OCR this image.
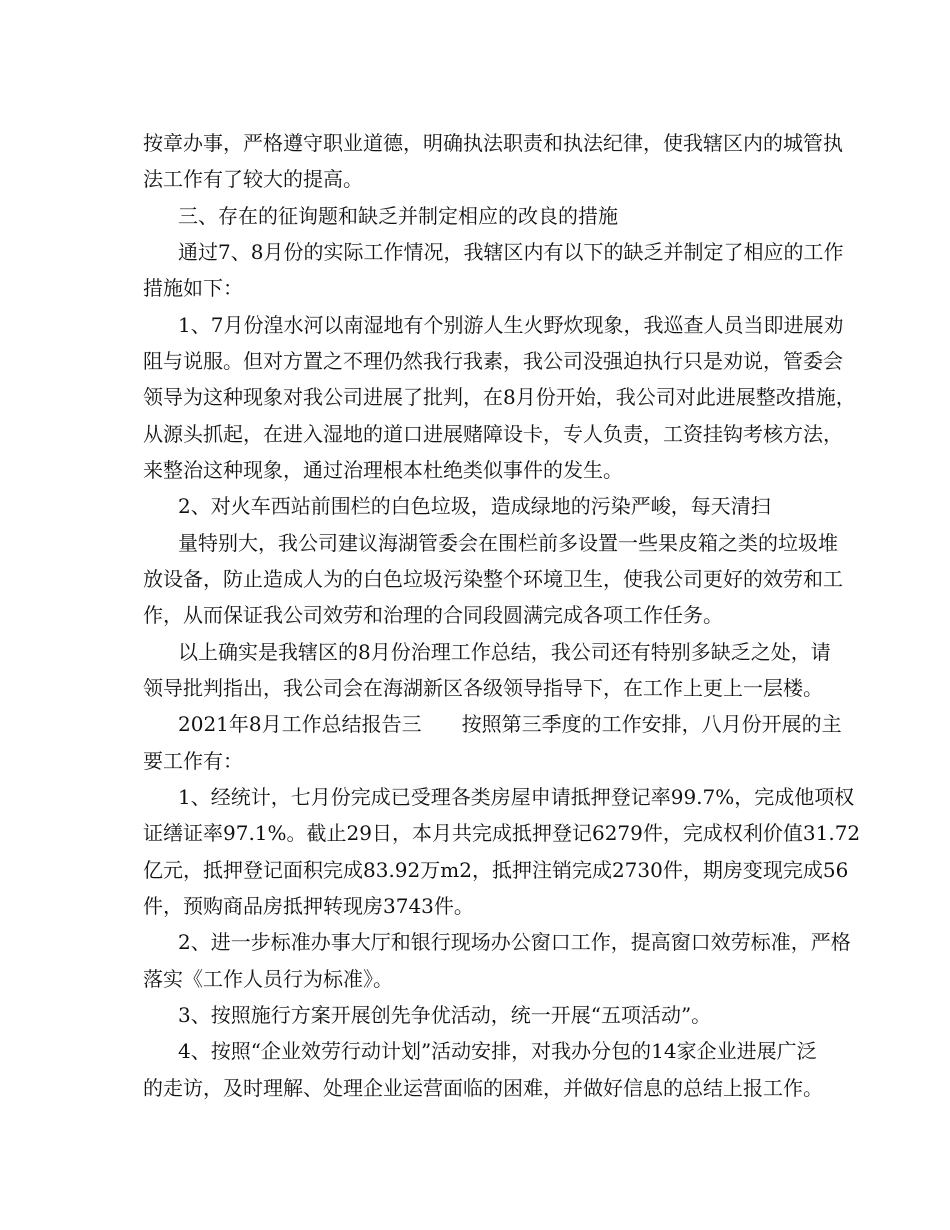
按章办事，严格遵守职业道德，明确执法职责和执法纪律，使我辖区内的城管执
法工作有了较大的提高。
三、存在的征询题和缺乏并制定相应的改良的措施
通过7、8月份的实际工作情况，我辖区内有以下的缺乏并制定了相应的工作
措施如下：
1、7月份湟水河以南湿地有个别游人生火野炊现象，我巡查人员当即进展劝
阻与说服。但对方置之不理仍然我行我素，我公司没强迫执行只是劝说，管委会
领导为这种现象对我公司进展了批判，在8月份开始，我公司对此进展整改措施，
从源头抓起，在进入湿地的道口进展赌障设卡，专人负责，工资挂钩考核方法，
来整治这种现象，通过治理根本杜绝类似事件的发生。
2、对火车西站前围栏的白色垃圾，造成绿地的污染严峻，每天清扫
量特别大，我公司建议海湖管委会在围栏前多设置一些果皮箱之类的垃圾堆
放设备，防止造成人为的白色垃圾污染整个环境卫生，使我公司更好的效劳和工
作，从而保证我公司效劳和治理的合同段圆满完成各项工作任务。
以上确实是我辖区的8月份治理工作总结，我公司还有特别多缺乏之处，请
领导批判指出，我公司会在海湖新区各级领导指导下，在工作上更上一层楼。
2021年8月工作总结报告三 按照第三季度的工作安排，八月份开展的主
要工作有：
1、经统计，七月份完成已受理各类房屋申请抵押登记率99.7%，完成他项权
证缮证率97.1%。截止29日，本月共完成抵押登记6279件，完成权利价值31.72
亿元，抵押登记面积完成83.92万m2，抵押注销完成2730件，期房变现完成56
件，预购商品房抵押转现房3743件。
2、进一步标准办事大厅和银行现场办公窗口工作，提高窗口效劳标准，严格
落实《工作人员行为标准》。
3、按照施行方案开展创先争优活动，统一开展“五项活动”。
4、按照“企业效劳行动计划”活动安排，对我办分包的14家企业进展广泛
的走访，及时理解、处理企业运营面临的困难，并做好信息的总结上报工作。
